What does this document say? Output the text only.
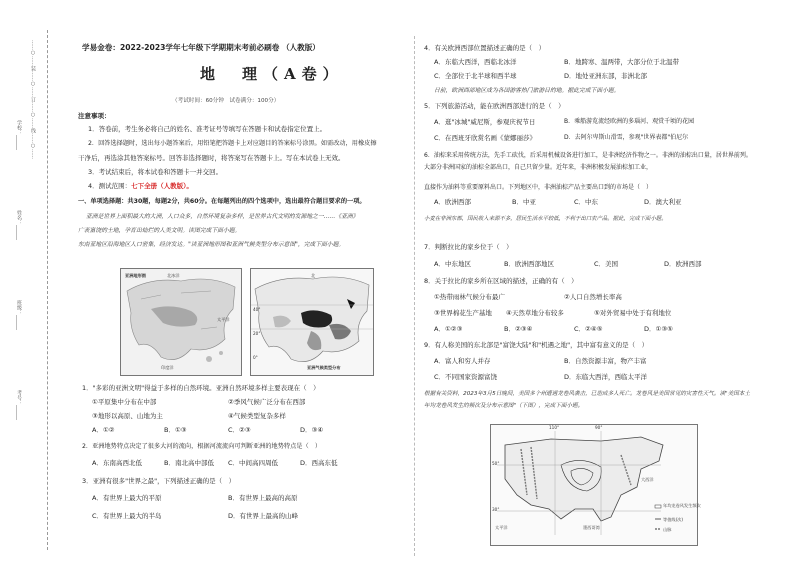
……○……装……○……订……○……线……○……
学校：______
姓名：______
班级：______
考号：______
学易金卷：2022-2023学年七年级下学期期末考前必刷卷 （人教版）
地　理（A卷）
（考试时间：60分钟　试卷满分：100分）
注意事项：
1．答卷前，考生务必将自己的姓名、准考证号等填写在答题卡和试卷指定位置上。
2．回答选择题时，选出每小题答案后，用铅笔把答题卡上对应题目的答案标号涂黑。如需改动，用橡皮擦
干净后，再选涂其他答案标号。回答非选择题时，将答案写在答题卡上。写在本试卷上无效。
3．考试结束后，将本试卷和答题卡一并交回。
4．测试范围：七下全册（人教版）。
一、单项选择题：共30题，每题2分，共60分。在每题列出的四个选项中，选出最符合题目要求的一项。
亚洲是世界上面积最大的大洲，人口众多，自然环境复杂多样，是世界古代文明的发源地之一……《亚洲》
广袤富饶的土地，孕育出灿烂的人类文明。读图完成下面小题。
东南亚地区沿海地区人口密集，经济发达。"读亚洲地形图和亚洲气候类型分布示意图"，完成下面小题。
北冰洋
太平洋
印度洋
亚洲地形图	北
0°
20°
40°
亚洲气候类型分布
1．"多彩的亚洲文明"得益于多样的自然环境。亚洲自然环境多样主要表现在（　）
①平原集中分布在中部	②季风气候广泛分布在西部
③地形以高原、山地为主	④气候类型复杂多样
A．①②	B．①③	C．②③	D．③④
2．亚洲地势特点决定了很多大河的流向，根据河流流向可判断亚洲的地势特点是（　）
A．东南高西北低	B．南北高中部低 C．中间高四周低	D．西高东低
3．亚洲有很多"世界之最"，下列描述正确的是（　）
A．有世界上最大的平原	B．有世界上最高的高原
C．有世界上最大的半岛	D．有世界上最高的山峰
4．有关欧洲西部位置描述正确的是（　）
A．东临大西洋，西临北冰洋	B．地跨寒、温两带，大部分位于北温带
C．全部位于北半球和西半球	D．地处亚洲东部，非洲北部
日前，欧洲西部地区成为各国游客热门旅游目的地。据此完成下面小题。
5．下列旅游活动，能在欧洲西部进行的是（　）
A．逛"冰城"威尼斯，参观庆祝节日	B．乘船游览流经欧洲的多瑙河、观赏千顷的花园
C．在西班牙欣赏名画《蒙娜丽莎》	D．去阿尔卑斯山滑雪，参观"世界表都"伯尼尔
6．油棕来采用传统方法，先手工砍伐，后采用机械设备进行加工，是非洲经济作物之一。非洲的油棕出口量，居世界前列。大部分非洲国家的油棕全部出口，自己只留少量。近年来，非洲积极发展油棕加工业，
直接作为油料等重要原料出口。下列地区中，非洲油棕产品主要出口到的市场是（　）
A．欧洲西部	B．中亚	C．中东	D．澳大利亚
小麦在非洲东部，国民收入来源不多，居民生活水平较低，不利于出口农产品。据此，完成下面小题。
7．判断拉比的家乡位于（　）
A．中东地区	B．欧洲西部地区	C．美国	D．欧洲西部
8．关于拉比的家乡所在区域的描述，正确的有（　）
①热带雨林气候分布最广	②人口自然增长率高
③世界棉花生产基地 ④天然草地分布较多	⑤对外贸易中处于有利地位
A．①②③	B．②③④	C．②④⑤	D．①③⑤
9．有人称美国的东北部是"富饶大陆"和"机遇之地"，其中富有意义的是（　）
A．富人和穷人并存	B．自然资源丰富，物产丰富
C．不同国家资源富饶	D．东临大西洋，西临太平洋
根据有关资料，2023年3月5日晚间，美国多个州遭遇龙卷风袭击，已造成多人死亡。龙卷风是美国常见的灾害性天气。读"美国本土年均龙卷风发生的频次及分布示意图"（下图），完成下面小题。
110°	90°
50°
30°
墨西哥湾
大西洋
太平洋
年均龙卷风发生频次
等值线(次)
山脉
